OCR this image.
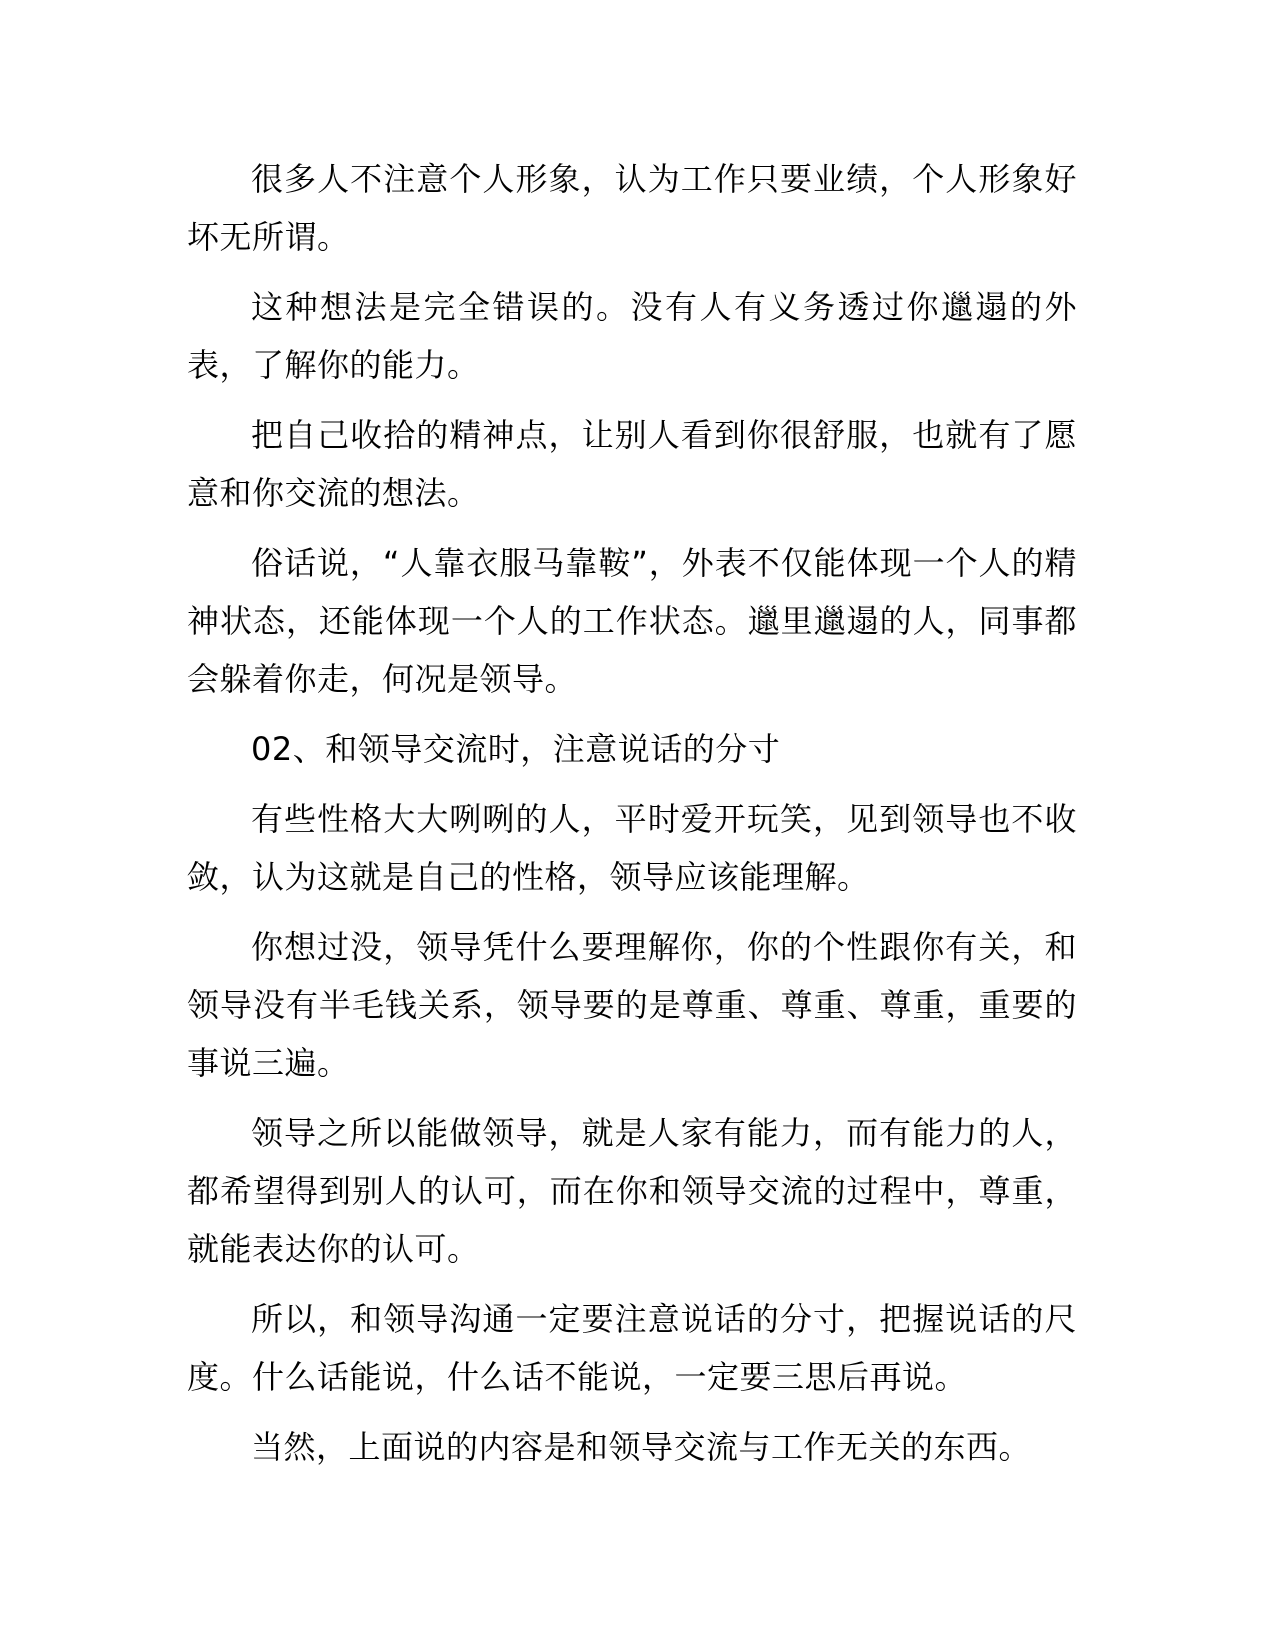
很多人不注意个人形象，认为工作只要业绩，个人形象好坏无所谓。

这种想法是完全错误的。没有人有义务透过你邋遢的外表，了解你的能力。

把自己收拾的精神点，让别人看到你很舒服，也就有了愿意和你交流的想法。

俗话说，“人靠衣服马靠鞍”，外表不仅能体现一个人的精神状态，还能体现一个人的工作状态。邋里邋遢的人，同事都会躲着你走，何况是领导。

02、和领导交流时，注意说话的分寸

有些性格大大咧咧的人，平时爱开玩笑，见到领导也不收敛，认为这就是自己的性格，领导应该能理解。

你想过没，领导凭什么要理解你，你的个性跟你有关，和领导没有半毛钱关系，领导要的是尊重、尊重、尊重，重要的事说三遍。

领导之所以能做领导，就是人家有能力，而有能力的人，都希望得到别人的认可，而在你和领导交流的过程中，尊重，就能表达你的认可。

所以，和领导沟通一定要注意说话的分寸，把握说话的尺度。什么话能说，什么话不能说，一定要三思后再说。

当然，上面说的内容是和领导交流与工作无关的东西。
